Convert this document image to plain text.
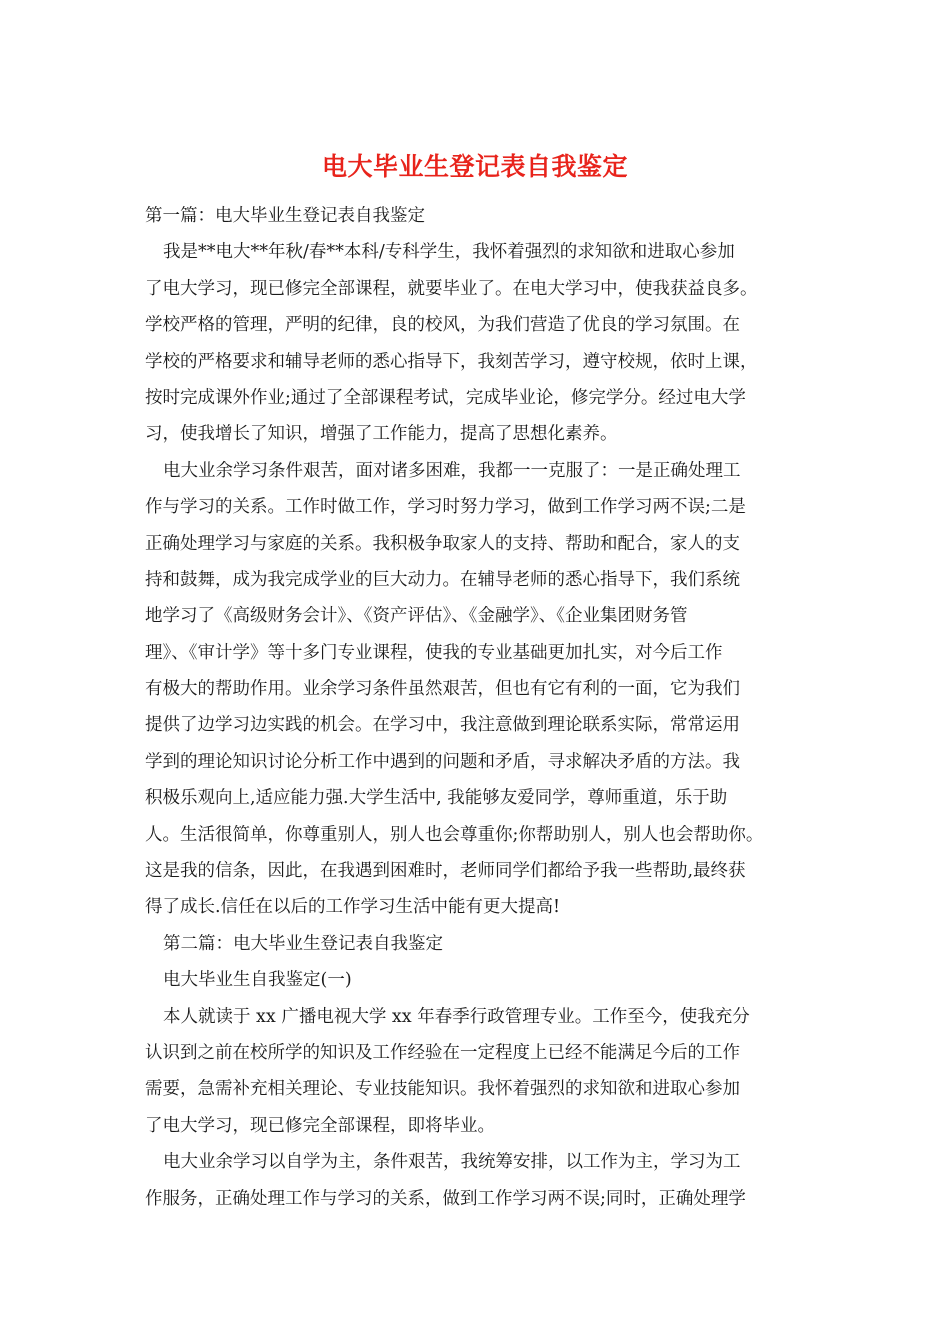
电大毕业生登记表自我鉴定
第一篇：电大毕业生登记表自我鉴定
我是**电大**年秋/春**本科/专科学生，我怀着强烈的求知欲和进取心参加
了电大学习，现已修完全部课程，就要毕业了。在电大学习中，使我获益良多。
学校严格的管理，严明的纪律，良的校风，为我们营造了优良的学习氛围。在
学校的严格要求和辅导老师的悉心指导下，我刻苦学习，遵守校规，依时上课，
按时完成课外作业;通过了全部课程考试，完成毕业论，修完学分。经过电大学
习，使我增长了知识，增强了工作能力，提高了思想化素养。
电大业余学习条件艰苦，面对诸多困难，我都一一克服了：一是正确处理工
作与学习的关系。工作时做工作，学习时努力学习，做到工作学习两不误;二是
正确处理学习与家庭的关系。我积极争取家人的支持、帮助和配合，家人的支
持和鼓舞，成为我完成学业的巨大动力。在辅导老师的悉心指导下，我们系统
地学习了《高级财务会计》、《资产评估》、《金融学》、《企业集团财务管
理》、《审计学》等十多门专业课程，使我的专业基础更加扎实，对今后工作
有极大的帮助作用。业余学习条件虽然艰苦，但也有它有利的一面，它为我们
提供了边学习边实践的机会。在学习中，我注意做到理论联系实际，常常运用
学到的理论知识讨论分析工作中遇到的问题和矛盾，寻求解决矛盾的方法。我
积极乐观向上,适应能力强.大学生活中, 我能够友爱同学，尊师重道，乐于助
人。生活很简单，你尊重别人，别人也会尊重你;你帮助别人，别人也会帮助你。
这是我的信条，因此，在我遇到困难时，老师同学们都给予我一些帮助,最终获
得了成长.信任在以后的工作学习生活中能有更大提高!
第二篇：电大毕业生登记表自我鉴定
电大毕业生自我鉴定(一)
本人就读于 xx 广播电视大学 xx 年春季行政管理专业。工作至今，使我充分
认识到之前在校所学的知识及工作经验在一定程度上已经不能满足今后的工作
需要，急需补充相关理论、专业技能知识。我怀着强烈的求知欲和进取心参加
了电大学习，现已修完全部课程，即将毕业。
电大业余学习以自学为主，条件艰苦，我统筹安排，以工作为主，学习为工
作服务，正确处理工作与学习的关系，做到工作学习两不误;同时，正确处理学
